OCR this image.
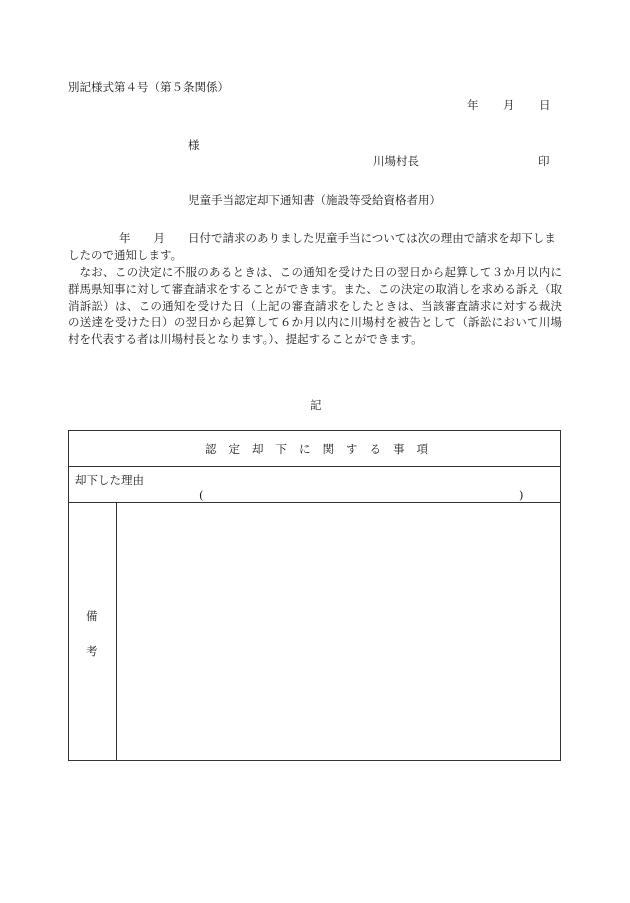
別記様式第４号（第５条関係）
年 月 日
様
川場村長	印
児童手当認定却下通知書（施設等受給資格者用）
年　　月　　日付で請求のありました児童手当については次の理由で請求を却下しま
したので通知します。
なお、この決定に不服のあるときは、この通知を受けた日の翌日から起算して３か月以内に群馬県知事に対して審査請求をすることができます。また、この決定の取消しを求める訴え（取消訴訟）は、この通知を受けた日（上記の審査請求をしたときは、当該審査請求に対する裁決の送達を受けた日）の翌日から起算して６か月以内に川場村を被告として（訴訟において川場村を代表する者は川場村長となります。）、提起することができます。
記
認定却下に関する事項
却下した理由
(	)
備
考
